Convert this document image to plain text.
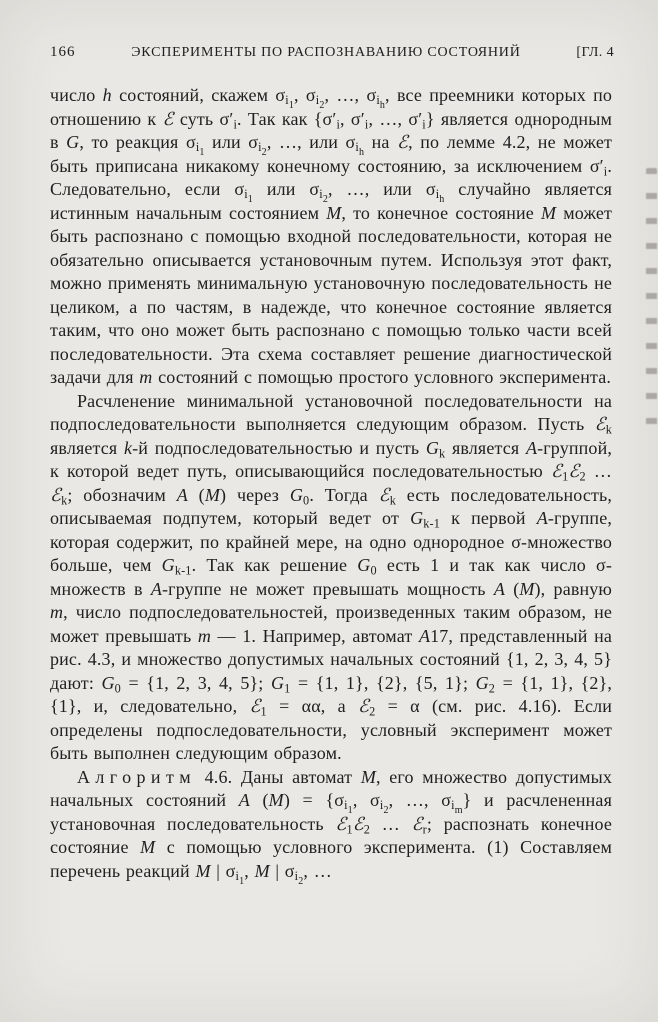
166	ЭКСПЕРИМЕНТЫ ПО РАСПОЗНАВАНИЮ СОСТОЯНИЙ	[ГЛ. 4

число h состояний, скажем $\sigma_{i_1}$, $\sigma_{i_2}$, …, $\sigma_{i_h}$, все преемники которых по отношению к ℰ суть $\sigma'_i$. Так как {$\sigma'_i$, $\sigma'_i$, …, $\sigma'_i$} является однородным в G, то реакция $\sigma_{i_1}$ или $\sigma_{i_2}$, …, или $\sigma_{i_h}$ на ℰ, по лемме 4.2, не может быть приписана никакому конечному состоянию, за исключением $\sigma'_i$. Следовательно, если $\sigma_{i_1}$ или $\sigma_{i_2}$, …, или $\sigma_{i_h}$ случайно является истинным начальным состоянием M, то конечное состояние M может быть распознано с помощью входной последовательности, которая не обязательно описывается установочным путем. Используя этот факт, можно применять минимальную установочную последовательность не целиком, а по частям, в надежде, что конечное состояние является таким, что оно может быть распознано с помощью только части всей последовательности. Эта схема составляет решение диагностической задачи для m состояний с помощью простого условного эксперимента.

Расчленение минимальной установочной последовательности на подпоследовательности выполняется следующим образом. Пусть ℰ$_k$ является k-й подпоследовательностью и пусть $G_k$ является A-группой, к которой ведет путь, описывающийся последовательностью ℰ$_1$ℰ$_2$ … ℰ$_k$; обозначим A (M) через $G_0$. Тогда ℰ$_k$ есть последовательность, описываемая подпутем, который ведет от $G_{k-1}$ к первой A-группе, которая содержит, по крайней мере, на одно однородное σ-множество больше, чем $G_{k-1}$. Так как решение $G_0$ есть 1 и так как число σ-множеств в A-группе не может превышать мощность A (M), равную m, число подпоследовательностей, произведенных таким образом, не может превышать m — 1. Например, автомат A17, представленный на рис. 4.3, и множество допустимых начальных состояний {1, 2, 3, 4, 5} дают: $G_0 = \{1$, 2, 3, 4, 5}; $G_1 = \{1$, 1}, {2}, {5, 1}; $G_2 = \{1$, 1}, {2}, {1}, и, следовательно, ℰ$_1$ = αα, а ℰ$_2$ = α (см. рис. 4.16). Если определены подпоследовательности, условный эксперимент может быть выполнен следующим образом.

Алгоритм 4.6. Даны автомат M, его множество допустимых начальных состояний A $(M) = \{\sigma_{i_1}$, $\sigma_{i_2}$, …, $\sigma_{i_m}$} и расчлененная установочная последовательность ℰ$_1$ℰ$_2$ … ℰ$_r$; распознать конечное состояние M с помощью условного эксперимента. (1) Составляем перечень реакций M | $\sigma_{i_1}$, M | $\sigma_{i_2}$, …
